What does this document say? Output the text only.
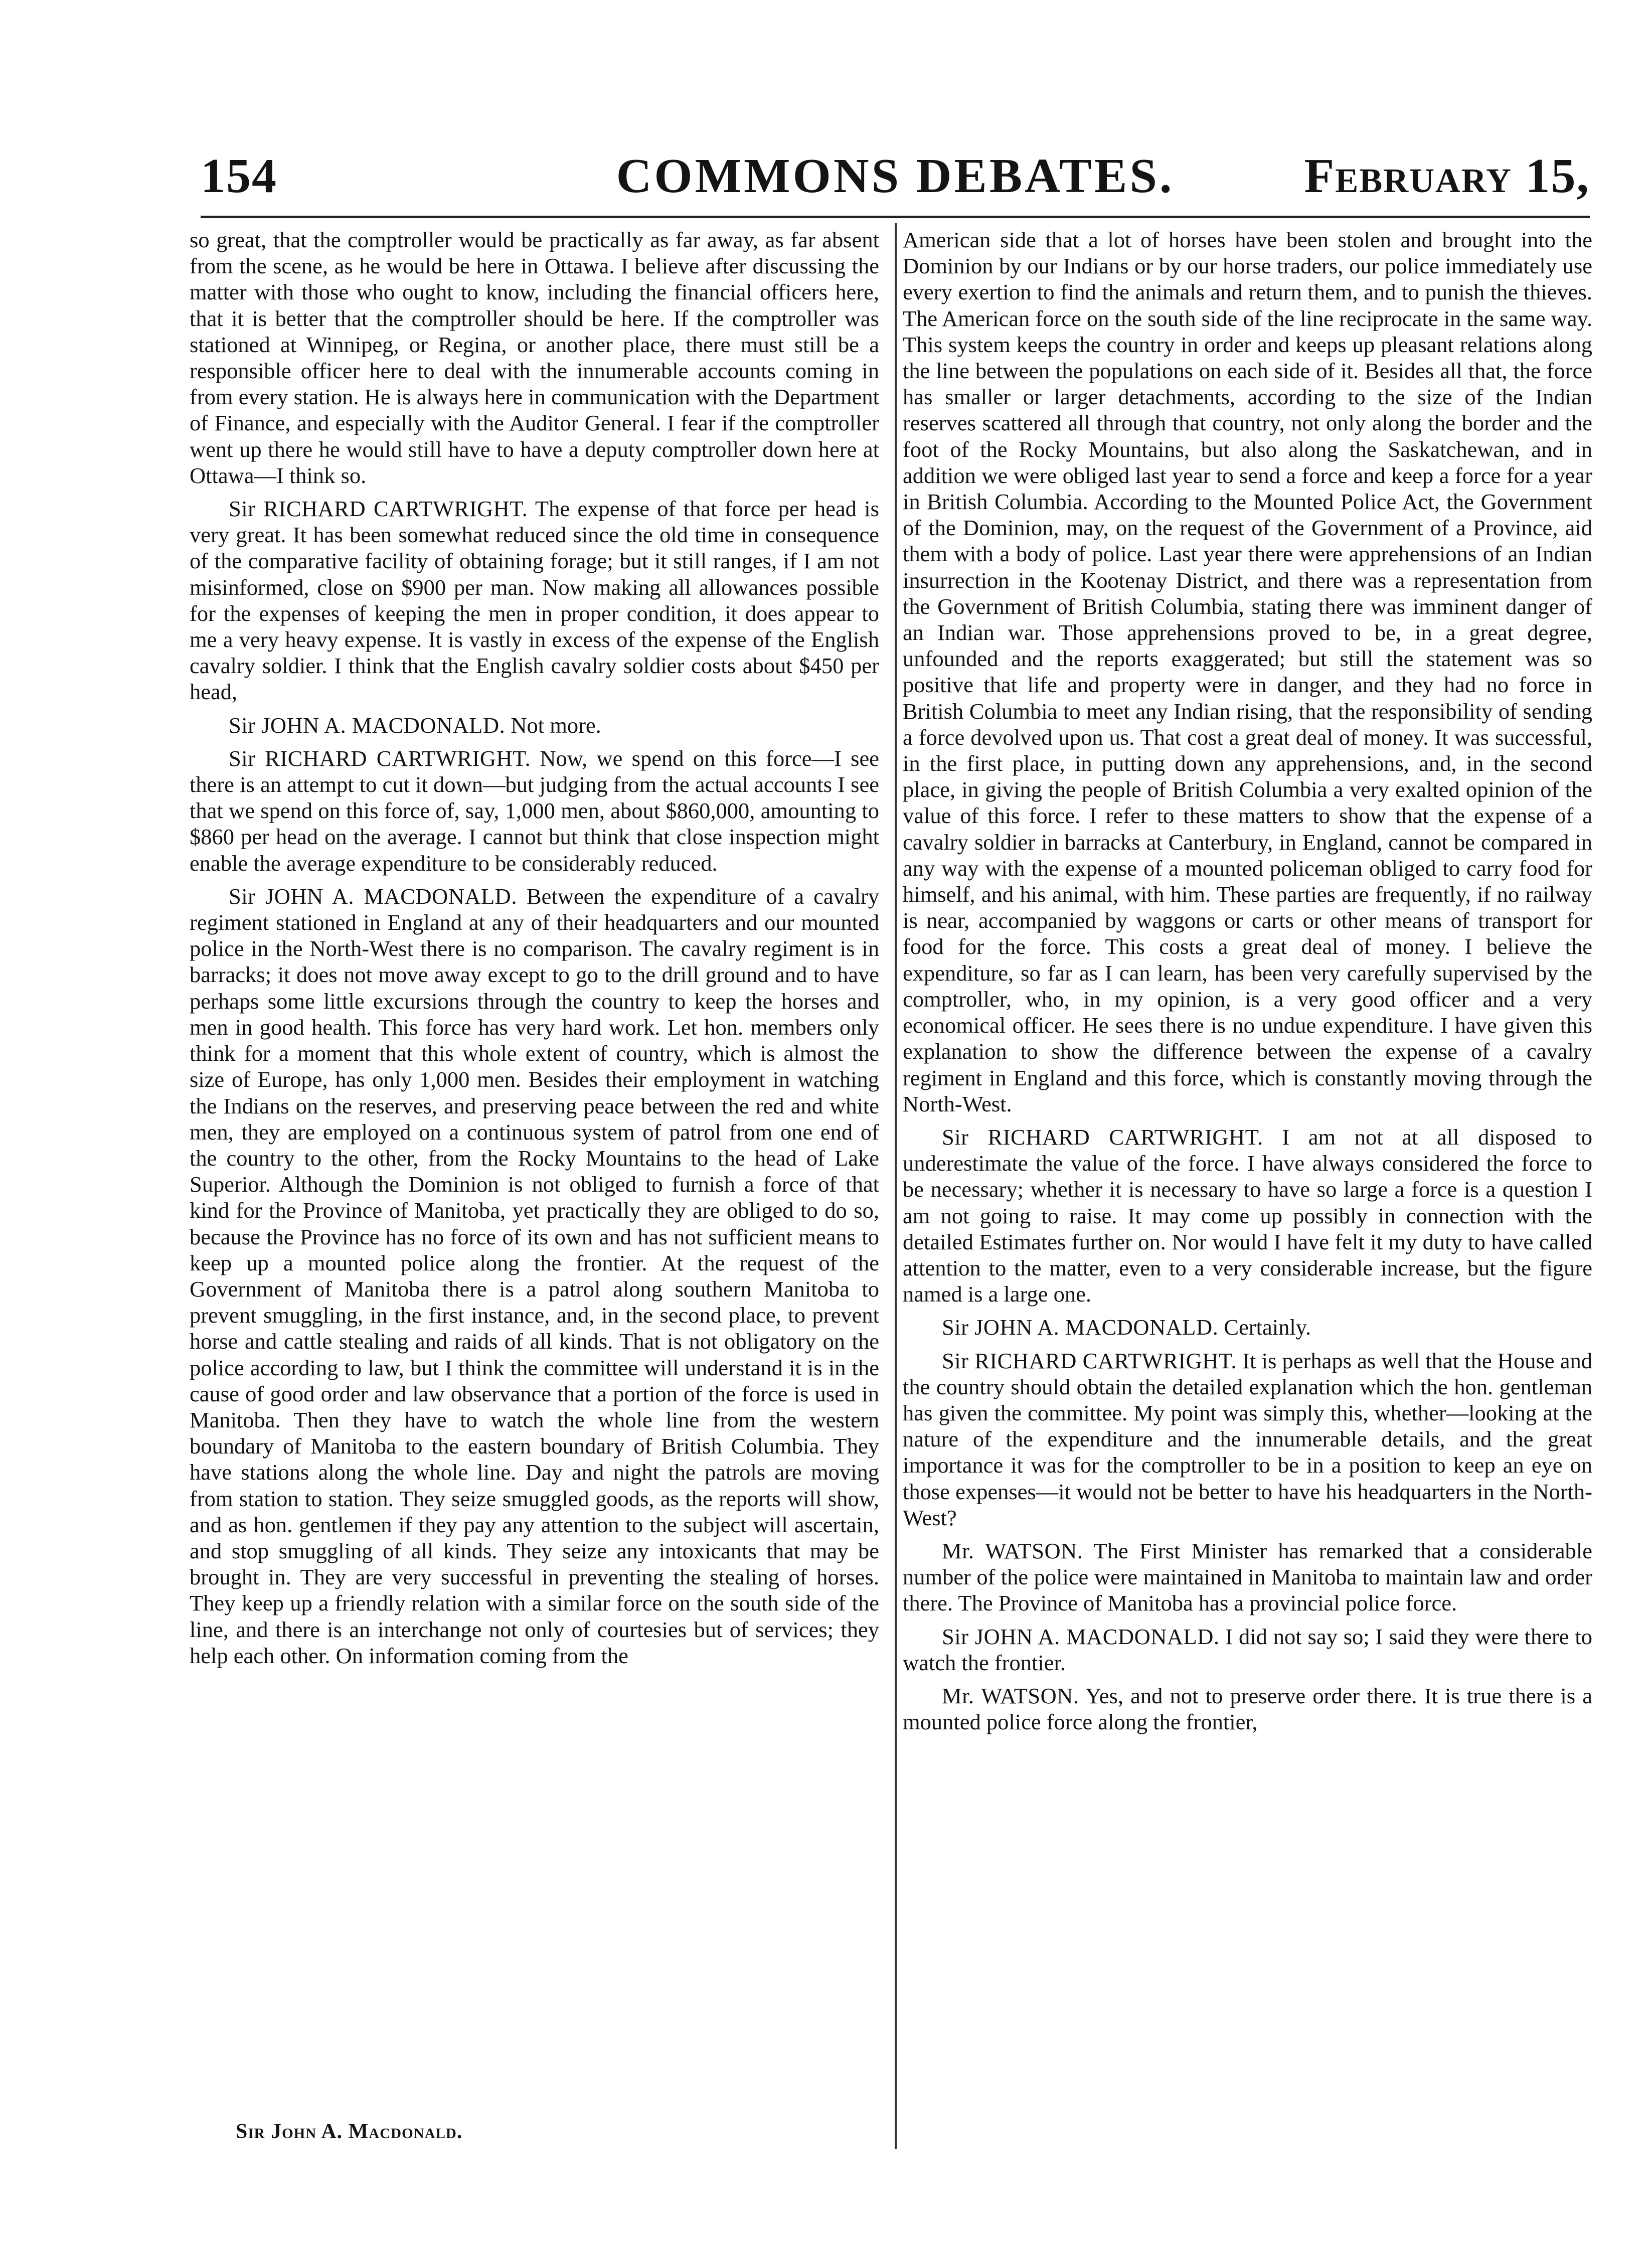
154	COMMONS DEBATES.	February 15,

so great, that the comptroller would be practically as far away, as far absent from the scene, as he would be here in Ottawa. I believe after discussing the matter with those who ought to know, including the financial officers here, that it is better that the comptroller should be here. If the comptroller was stationed at Winnipeg, or Regina, or another place, there must still be a responsible officer here to deal with the innumerable accounts coming in from every station. He is always here in communication with the Department of Finance, and especially with the Auditor General. I fear if the comptroller went up there he would still have to have a deputy comptroller down here at Ottawa—I think so.

Sir RICHARD CARTWRIGHT. The expense of that force per head is very great. It has been somewhat reduced since the old time in consequence of the comparative facility of obtaining forage; but it still ranges, if I am not misinformed, close on $900 per man. Now making all allowances possible for the expenses of keeping the men in proper condition, it does appear to me a very heavy expense. It is vastly in excess of the expense of the English cavalry soldier. I think that the English cavalry soldier costs about $450 per head,

Sir JOHN A. MACDONALD. Not more.

Sir RICHARD CARTWRIGHT. Now, we spend on this force—I see there is an attempt to cut it down—but judging from the actual accounts I see that we spend on this force of, say, 1,000 men, about $860,000, amounting to $860 per head on the average. I cannot but think that close inspection might enable the average expenditure to be considerably reduced.

Sir JOHN A. MACDONALD. Between the expenditure of a cavalry regiment stationed in England at any of their headquarters and our mounted police in the North-West there is no comparison. The cavalry regiment is in barracks; it does not move away except to go to the drill ground and to have perhaps some little excursions through the country to keep the horses and men in good health. This force has very hard work. Let hon. members only think for a moment that this whole extent of country, which is almost the size of Europe, has only 1,000 men. Besides their employment in watching the Indians on the reserves, and preserving peace between the red and white men, they are employed on a continuous system of patrol from one end of the country to the other, from the Rocky Mountains to the head of Lake Superior. Although the Dominion is not obliged to furnish a force of that kind for the Province of Manitoba, yet practically they are obliged to do so, because the Province has no force of its own and has not sufficient means to keep up a mounted police along the frontier. At the request of the Government of Manitoba there is a patrol along southern Manitoba to prevent smuggling, in the first instance, and, in the second place, to prevent horse and cattle stealing and raids of all kinds. That is not obligatory on the police according to law, but I think the committee will understand it is in the cause of good order and law observance that a portion of the force is used in Manitoba. Then they have to watch the whole line from the western boundary of Manitoba to the eastern boundary of British Columbia. They have stations along the whole line. Day and night the patrols are moving from station to station. They seize smuggled goods, as the reports will show, and as hon. gentlemen if they pay any attention to the subject will ascertain, and stop smuggling of all kinds. They seize any intoxicants that may be brought in. They are very successful in preventing the stealing of horses. They keep up a friendly relation with a similar force on the south side of the line, and there is an interchange not only of courtesies but of services; they help each other. On information coming from the

American side that a lot of horses have been stolen and brought into the Dominion by our Indians or by our horse traders, our police immediately use every exertion to find the animals and return them, and to punish the thieves. The American force on the south side of the line reciprocate in the same way. This system keeps the country in order and keeps up pleasant relations along the line between the populations on each side of it. Besides all that, the force has smaller or larger detachments, according to the size of the Indian reserves scattered all through that country, not only along the border and the foot of the Rocky Mountains, but also along the Saskatchewan, and in addition we were obliged last year to send a force and keep a force for a year in British Columbia. According to the Mounted Police Act, the Government of the Dominion, may, on the request of the Government of a Province, aid them with a body of police. Last year there were apprehensions of an Indian insurrection in the Kootenay District, and there was a representation from the Government of British Columbia, stating there was imminent danger of an Indian war. Those apprehensions proved to be, in a great degree, unfounded and the reports exaggerated; but still the statement was so positive that life and property were in danger, and they had no force in British Columbia to meet any Indian rising, that the responsibility of sending a force devolved upon us. That cost a great deal of money. It was successful, in the first place, in putting down any apprehensions, and, in the second place, in giving the people of British Columbia a very exalted opinion of the value of this force. I refer to these matters to show that the expense of a cavalry soldier in barracks at Canterbury, in England, cannot be compared in any way with the expense of a mounted policeman obliged to carry food for himself, and his animal, with him. These parties are frequently, if no railway is near, accompanied by waggons or carts or other means of transport for food for the force. This costs a great deal of money. I believe the expenditure, so far as I can learn, has been very carefully supervised by the comptroller, who, in my opinion, is a very good officer and a very economical officer. He sees there is no undue expenditure. I have given this explanation to show the difference between the expense of a cavalry regiment in England and this force, which is constantly moving through the North-West.

Sir RICHARD CARTWRIGHT. I am not at all disposed to underestimate the value of the force. I have always considered the force to be necessary; whether it is necessary to have so large a force is a question I am not going to raise. It may come up possibly in connection with the detailed Estimates further on. Nor would I have felt it my duty to have called attention to the matter, even to a very considerable increase, but the figure named is a large one.

Sir JOHN A. MACDONALD. Certainly.

Sir RICHARD CARTWRIGHT. It is perhaps as well that the House and the country should obtain the detailed explanation which the hon. gentleman has given the committee. My point was simply this, whether—looking at the nature of the expenditure and the innumerable details, and the great importance it was for the comptroller to be in a position to keep an eye on those expenses—it would not be better to have his headquarters in the North-West?

Mr. WATSON. The First Minister has remarked that a considerable number of the police were maintained in Manitoba to maintain law and order there. The Province of Manitoba has a provincial police force.

Sir JOHN A. MACDONALD. I did not say so; I said they were there to watch the frontier.

Mr. WATSON. Yes, and not to preserve order there. It is true there is a mounted police force along the frontier,

Sir John A. Macdonald.
